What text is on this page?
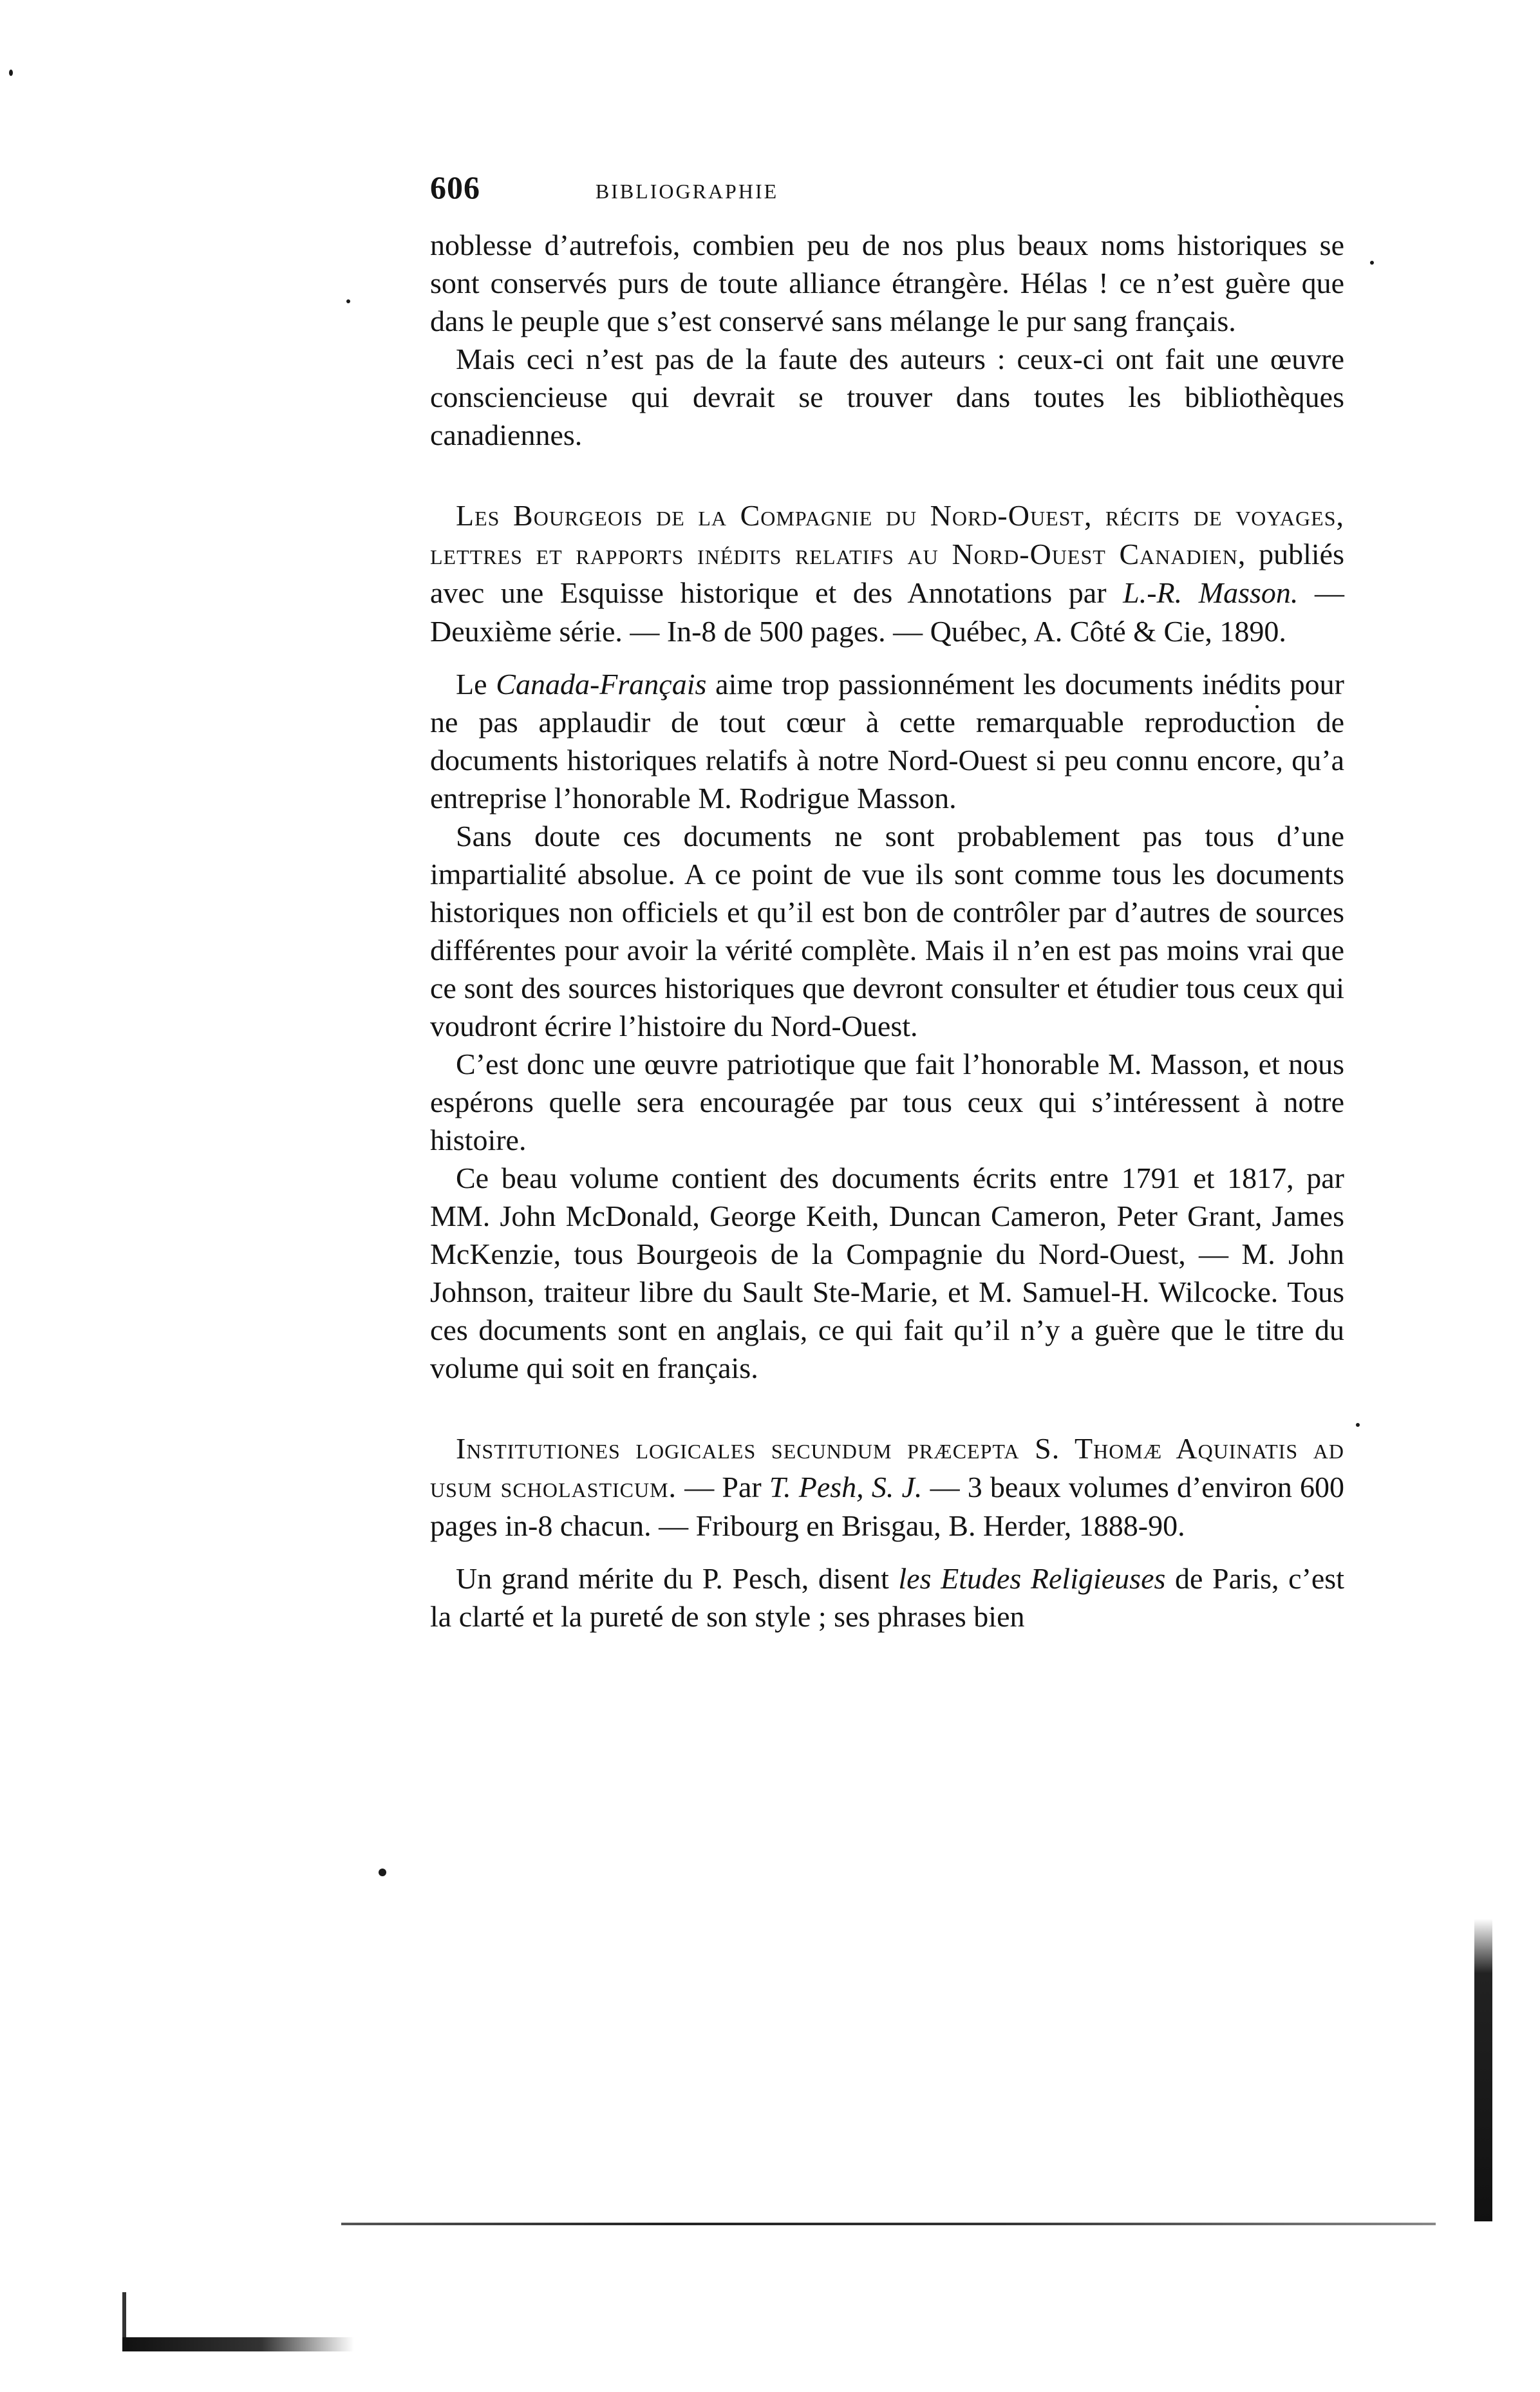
606	BIBLIOGRAPHIE

noblesse d’autrefois, combien peu de nos plus beaux noms historiques se sont conservés purs de toute alliance étrangère. Hélas ! ce n’est guère que dans le peuple que s’est conservé sans mélange le pur sang français.

Mais ceci n’est pas de la faute des auteurs : ceux-ci ont fait une œuvre consciencieuse qui devrait se trouver dans toutes les bibliothèques canadiennes.

Les Bourgeois de la Compagnie du Nord-Ouest, récits de voyages, lettres et rapports inédits relatifs au Nord-Ouest Canadien, publiés avec une Esquisse historique et des Annotations par L.-R. Masson. — Deuxième série. — In-8 de 500 pages. — Québec, A. Côté & Cie, 1890.

Le Canada-Français aime trop passionnément les documents inédits pour ne pas applaudir de tout cœur à cette remarquable reproduction de documents historiques relatifs à notre Nord-Ouest si peu connu encore, qu’a entreprise l’honorable M. Rodrigue Masson.

Sans doute ces documents ne sont probablement pas tous d’une impartialité absolue. A ce point de vue ils sont comme tous les documents historiques non officiels et qu’il est bon de contrôler par d’autres de sources différentes pour avoir la vérité complète. Mais il n’en est pas moins vrai que ce sont des sources historiques que devront consulter et étudier tous ceux qui voudront écrire l’histoire du Nord-Ouest.

C’est donc une œuvre patriotique que fait l’honorable M. Masson, et nous espérons quelle sera encouragée par tous ceux qui s’intéressent à notre histoire.

Ce beau volume contient des documents écrits entre 1791 et 1817, par MM. John McDonald, George Keith, Duncan Cameron, Peter Grant, James McKenzie, tous Bourgeois de la Compagnie du Nord-Ouest, — M. John Johnson, traiteur libre du Sault Ste-Marie, et M. Samuel-H. Wilcocke. Tous ces documents sont en anglais, ce qui fait qu’il n’y a guère que le titre du volume qui soit en français.

Institutiones logicales secundum præcepta S. Thomæ Aquinatis ad usum scholasticum. — Par T. Pesh, S. J. — 3 beaux volumes d’environ 600 pages in-8 chacun. — Fribourg en Brisgau, B. Herder, 1888-90.

Un grand mérite du P. Pesch, disent les Etudes Religieuses de Paris, c’est la clarté et la pureté de son style ; ses phrases bien
